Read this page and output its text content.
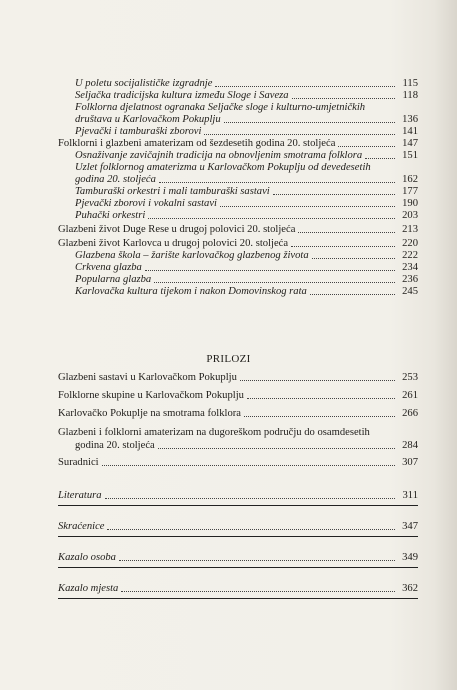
U poletu socijalističke izgradnje	115
Seljačka tradicijska kultura između Sloge i Saveza	118
Folklorna djelatnost ogranaka Seljačke sloge i kulturno-umjetničkih
društava u Karlovačkom Pokuplju	136
Pjevački i tamburaški zborovi	141
Folklorni i glazbeni amaterizam od šezdesetih godina 20. stoljeća	147
Osnaživanje zavičajnih tradicija na obnovljenim smotrama folklora	151
Uzlet folklornog amaterizma u Karlovačkom Pokuplju od devedesetih
godina 20. stoljeća	162
Tamburaški orkestri i mali tamburaški sastavi	177
Pjevački zborovi i vokalni sastavi	190
Puhački orkestri	203
Glazbeni život Duge Rese u drugoj polovici 20. stoljeća	213
Glazbeni život Karlovca u drugoj polovici 20. stoljeća	220
Glazbena škola – žarište karlovačkog glazbenog života	222
Crkvena glazba	234
Popularna glazba	236
Karlovačka kultura tijekom i nakon Domovinskog rata	245
PRILOZI
Glazbeni sastavi u Karlovačkom Pokuplju	253
Folklorne skupine u Karlovačkom Pokuplju	261
Karlovačko Pokuplje na smotrama folklora	266
Glazbeni i folklorni amaterizam na dugoreškom području do osamdesetih
godina 20. stoljeća	284
Suradnici	307
Literatura	311
Skraćenice	347
Kazalo osoba	349
Kazalo mjesta	362
